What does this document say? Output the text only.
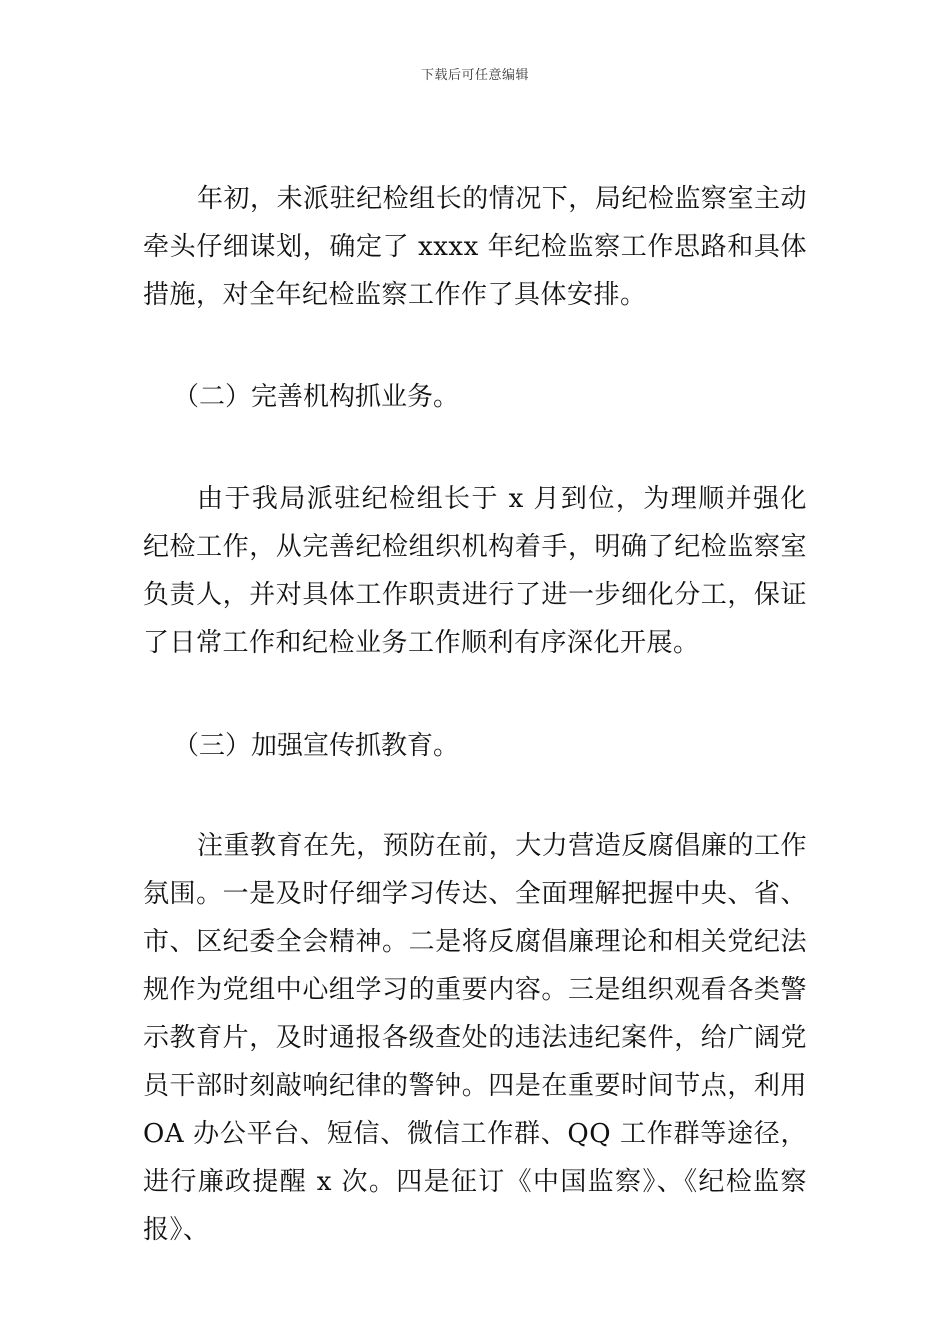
下载后可任意编辑

年初，未派驻纪检组长的情况下，局纪检监察室主动牵头仔细谋划，确定了 xxxx 年纪检监察工作思路和具体措施，对全年纪检监察工作作了具体安排。

（二）完善机构抓业务。

由于我局派驻纪检组长于 x 月到位，为理顺并强化纪检工作，从完善纪检组织机构着手，明确了纪检监察室负责人，并对具体工作职责进行了进一步细化分工，保证了日常工作和纪检业务工作顺利有序深化开展。

（三）加强宣传抓教育。

注重教育在先，预防在前，大力营造反腐倡廉的工作氛围。一是及时仔细学习传达、全面理解把握中央、省、市、区纪委全会精神。二是将反腐倡廉理论和相关党纪法规作为党组中心组学习的重要内容。三是组织观看各类警示教育片，及时通报各级查处的违法违纪案件，给广阔党员干部时刻敲响纪律的警钟。四是在重要时间节点，利用 OA 办公平台、短信、微信工作群、QQ 工作群等途径，进行廉政提醒 x 次。四是征订《中国监察》、《纪检监察报》、
